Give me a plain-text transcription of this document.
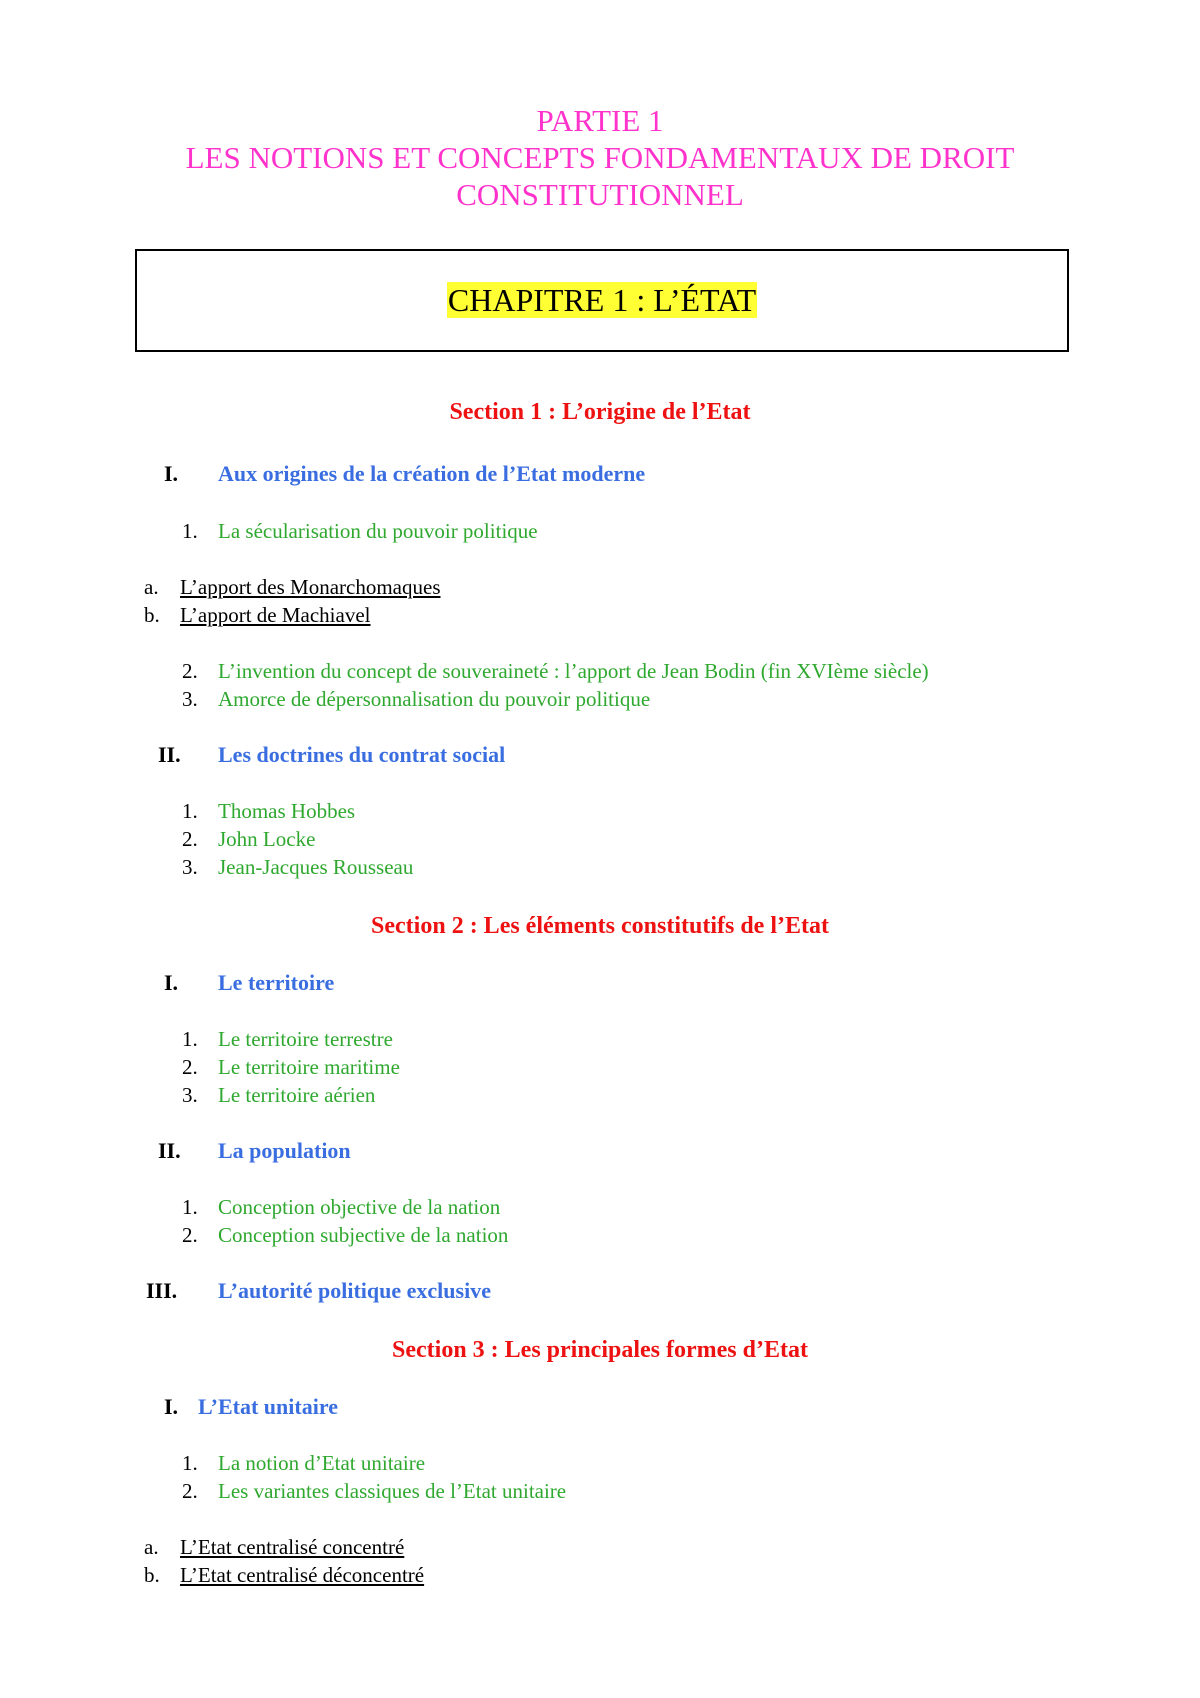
PARTIE 1
LES NOTIONS ET CONCEPTS FONDAMENTAUX DE DROIT
CONSTITUTIONNEL
CHAPITRE 1 : L’ÉTAT
Section 1 : L’origine de l’Etat
I. Aux origines de la création de l’Etat moderne
1. La sécularisation du pouvoir politique
a. L’apport des Monarchomaques
b. L’apport de Machiavel
2. L’invention du concept de souveraineté : l’apport de Jean Bodin (fin XVIème siècle)
3. Amorce de dépersonnalisation du pouvoir politique
II. Les doctrines du contrat social
1. Thomas Hobbes
2. John Locke
3. Jean-Jacques Rousseau
Section 2 : Les éléments constitutifs de l’Etat
I. Le territoire
1. Le territoire terrestre
2. Le territoire maritime
3. Le territoire aérien
II. La population
1. Conception objective de la nation
2. Conception subjective de la nation
III. L’autorité politique exclusive
Section 3 : Les principales formes d’Etat
I. L’Etat unitaire
1. La notion d’Etat unitaire
2. Les variantes classiques de l’Etat unitaire
a. L’Etat centralisé concentré
b. L’Etat centralisé déconcentré
